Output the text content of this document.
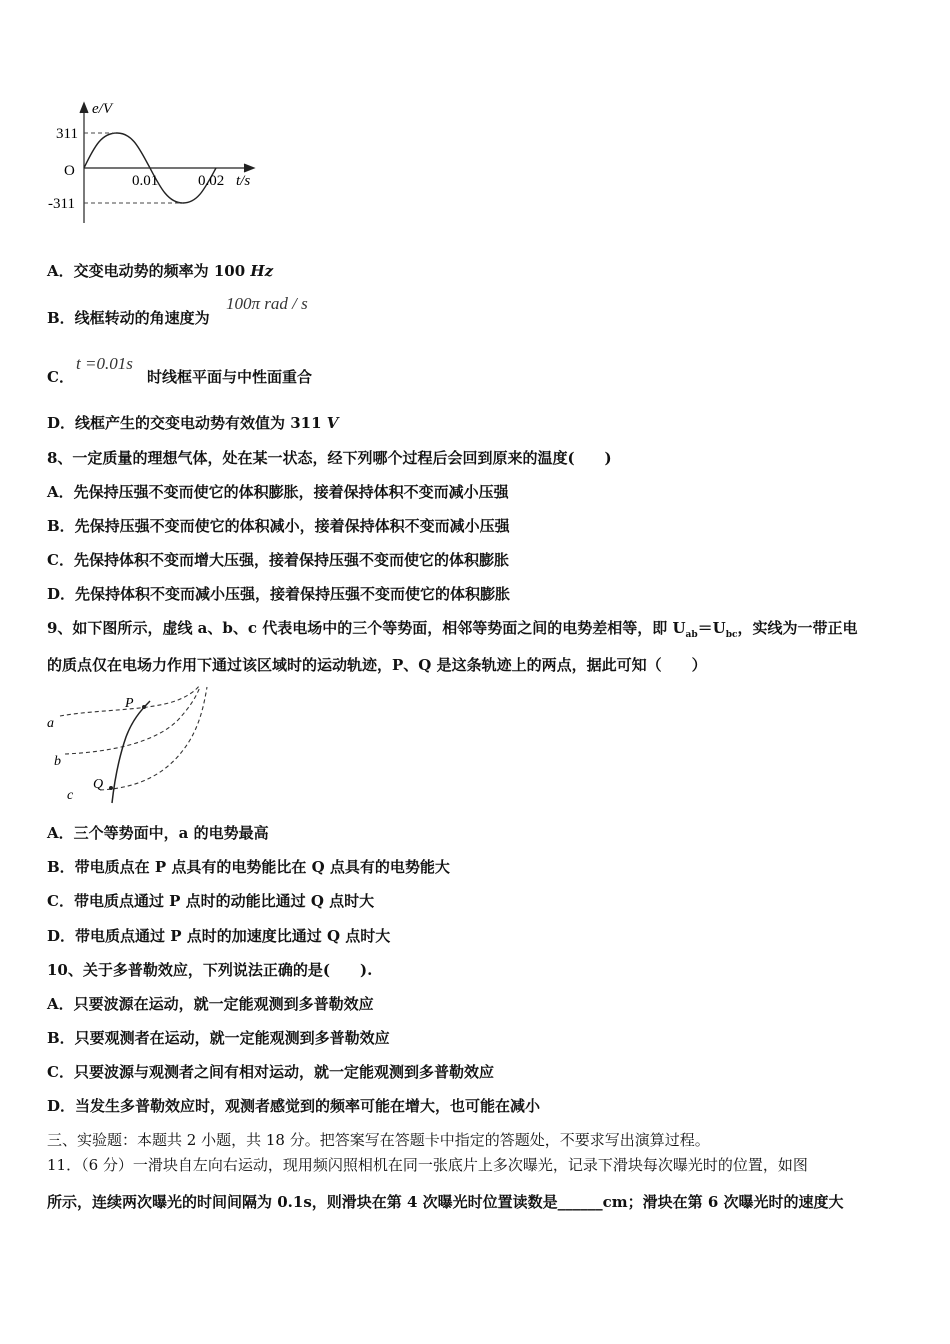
e/V
311
O
-311
0.01	0.02 t/s
A．交变电动势的频率为 100 Hz
B．线框转动的角速度为
100π rad / s
C．
t =0.01s
时线框平面与中性面重合
D．线框产生的交变电动势有效值为 311 V
8、一定质量的理想气体，处在某一状态，经下列哪个过程后会回到原来的温度(　　)
A．先保持压强不变而使它的体积膨胀，接着保持体积不变而减小压强
B．先保持压强不变而使它的体积减小，接着保持体积不变而减小压强
C．先保持体积不变而增大压强，接着保持压强不变而使它的体积膨胀
D．先保持体积不变而减小压强，接着保持压强不变而使它的体积膨胀
9、如下图所示，虚线 a、b、c 代表电场中的三个等势面，相邻等势面之间的电势差相等，即 $U_{ab}=U_{bc}$，实线为一带正电
的质点仅在电场力作用下通过该区域时的运动轨迹，P、Q 是这条轨迹上的两点，据此可知（　　）
P
Q
a
b
c
A．三个等势面中，a 的电势最高
B．带电质点在 P 点具有的电势能比在 Q 点具有的电势能大
C．带电质点通过 P 点时的动能比通过 Q 点时大
D．带电质点通过 P 点时的加速度比通过 Q 点时大
10、关于多普勒效应，下列说法正确的是(　　).
A．只要波源在运动，就一定能观测到多普勒效应
B．只要观测者在运动，就一定能观测到多普勒效应
C．只要波源与观测者之间有相对运动，就一定能观测到多普勒效应
D．当发生多普勒效应时，观测者感觉到的频率可能在增大，也可能在减小
三、实验题：本题共 2 小题，共 18 分。把答案写在答题卡中指定的答题处，不要求写出演算过程。
11．（6 分）一滑块自左向右运动，现用频闪照相机在同一张底片上多次曝光，记录下滑块每次曝光时的位置，如图
所示，连续两次曝光的时间间隔为 0.1s，则滑块在第 4 次曝光时位置读数是______cm；滑块在第 6 次曝光时的速度大
